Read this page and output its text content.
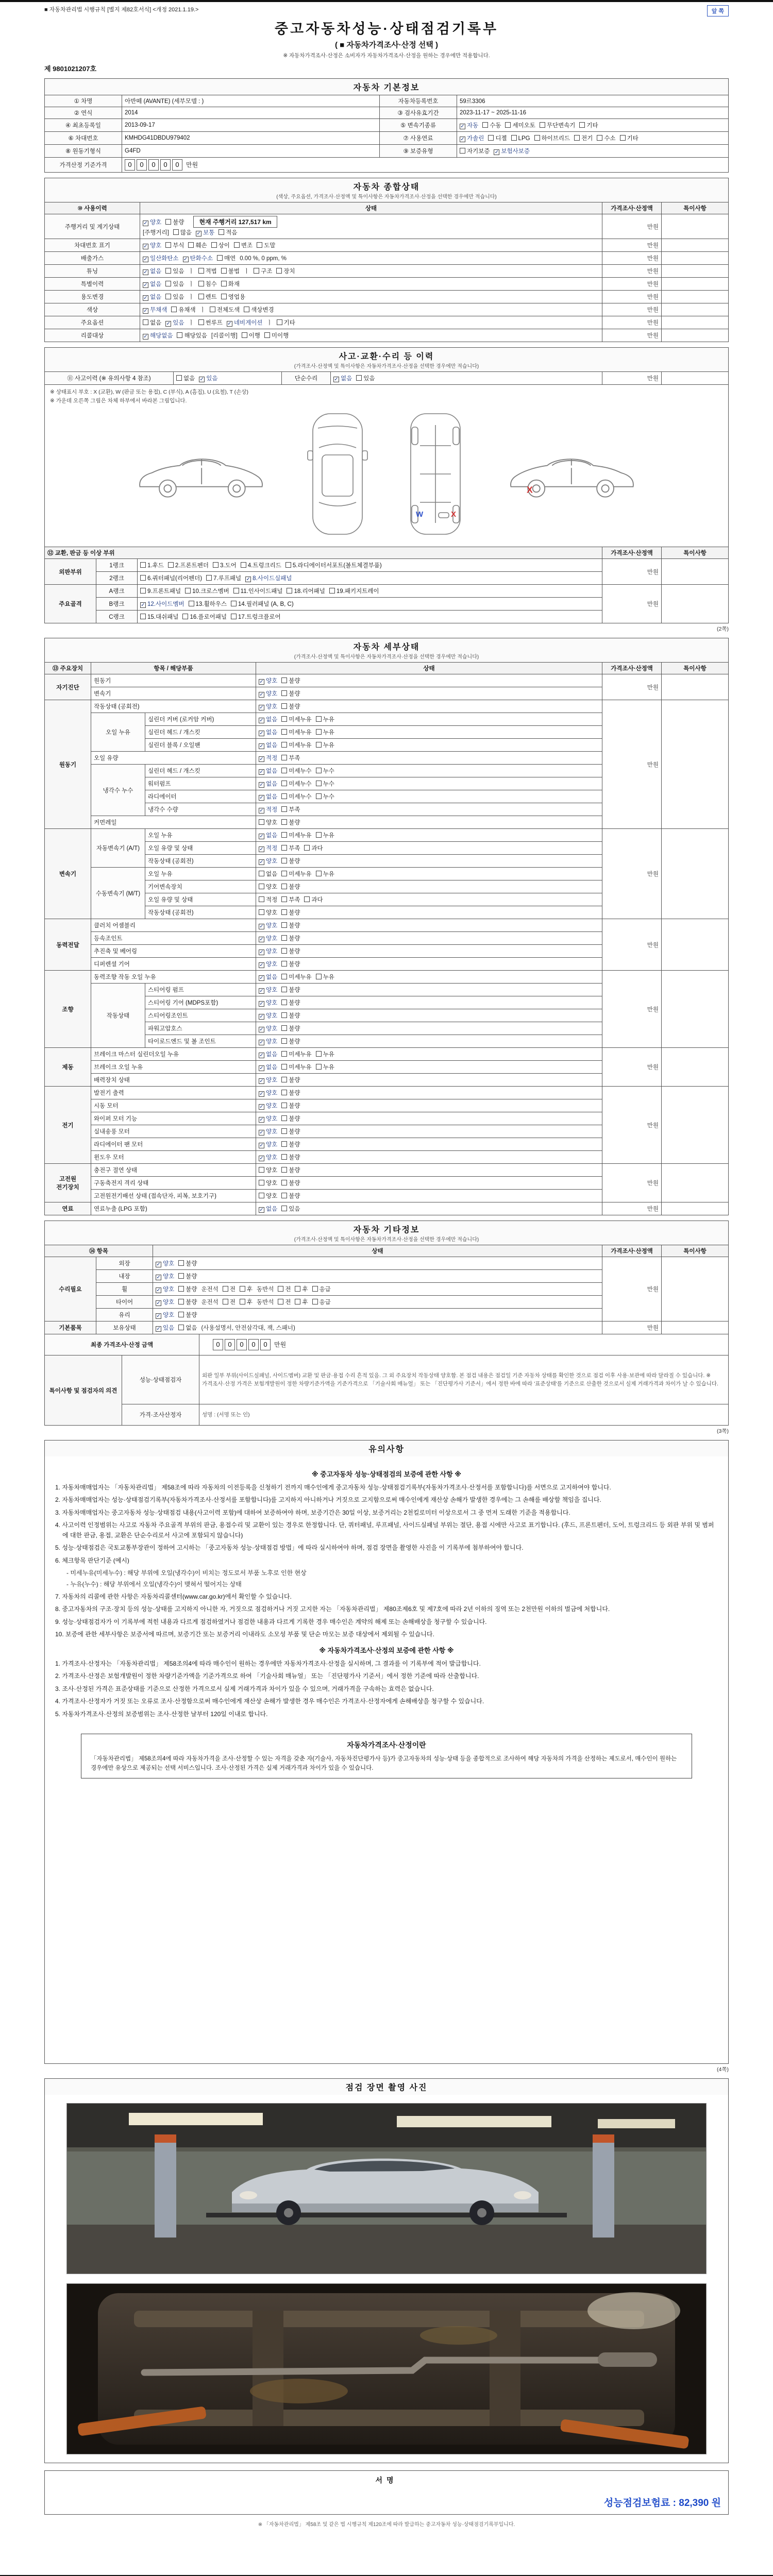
■ 자동차관리법 시행규칙 [별지 제82호서식] <개정 2021.1.19.>	앞 쪽
중고자동차성능·상태점검기록부
( ■ 자동차가격조사·산정 선택 )
※ 자동차가격조사·산정은 소비자가 자동차가격조사·산정을 원하는 경우에만 적용합니다.
제 9801021207호
자동차 기본정보
① 차명	아반떼 (AVANTE) (세부모델 : )	자동차등록번호	59르3306
② 연식	2014	③ 검사유효기간	2023-11-17 ~ 2025-11-16
④ 최초등록일	2013-09-17	⑤ 변속기종류	✓ 자동 수동 세미오토 무단변속기 기타
⑥ 차대번호	KMHDG41DBDU979402	⑦ 사용연료	✓ 가솔린 디젤 LPG 하이브리드 전기 수소 기타
⑧ 원동기형식	G4FD	⑨ 보증유형	자기보증 ✓ 보험사보증
가격산정 기준가격	0 0 0 0 0 만원		
자동차 종합상태
(색상, 주요옵션, 가격조사·산정액 및 특이사항은 자동차가격조사·산정을 선택한 경우에만 적습니다)
⑩ 사용이력	상태	가격조사·산정액	특이사항
주행거리 및 계기상태	✓ 양호 불량 현재 주행거리 127,517 km
[주행거리] 많음 ✓ 보통 적음	만원	
차대번호 표기	✓ 양호 부식 훼손 상이 변조 도말	만원	
배출가스	✓ 일산화탄소 ✓ 탄화수소 매연 0.00 %, 0 ppm, %	만원	
튜닝	✓ 없음 있음 ㅣ 적법 불법 ㅣ 구조 장치	만원	
특별이력	✓ 없음 있음 ㅣ 침수 화재	만원	
용도변경	✓ 없음 있음 ㅣ 렌트 영업용	만원	
색상	✓ 무채색 유채색 ㅣ 전체도색 색상변경	만원	
주요옵션	없음 ✓ 있음 ㅣ 썬루프 ✓ 네비게이션 ㅣ 기타	만원	
리콜대상	✓ 해당없음 해당있음 [리콜이행] 이행 미이행	만원	
사고·교환·수리 등 이력
(가격조사·산정액 및 특이사항은 자동차가격조사·산정을 선택한 경우에만 적습니다)
⑪ 사고이력 (※ 유의사항 4 참조)	없음 ✓ 있음	단순수리	✓ 없음 있음	만원	
※ 상태표시 부호 : X (교환), W (판금 또는 용접), C (부식), A (흠집), U (요철), T (손상)
※ 가운데 오른쪽 그림은 차체 하부에서 바라본 그림입니다.
X
W
X
⑫ 교환, 판금 등 이상 부위			가격조사·산정액	특이사항
외판부위	1랭크	1.후드 2.프론트펜더 3.도어 4.트렁크리드 5.라디에이터서포트(볼트체결부품)	만원	
	2랭크	6.쿼터패널(리어펜더) 7.루프패널 ✓ 8.사이드실패널		
주요골격	A랭크	9.프론트패널 10.크로스멤버 11.인사이드패널 18.리어패널 19.패키지트레이	만원	
	B랭크	✓ 12.사이드멤버 13.휠하우스 14.필러패널 (A, B, C)		
	C랭크	15.대쉬패널 16.플로어패널 17.트렁크플로어		
(2쪽)
자동차 세부상태
(가격조사·산정액 및 특이사항은 자동차가격조사·산정을 선택한 경우에만 적습니다)
⑬ 주요장치	항목 / 해당부품		상태	가격조사·산정액	특이사항
자기진단	원동기		✓ 양호 불량	만원	
	변속기		✓ 양호 불량		
원동기	작동상태 (공회전)		✓ 양호 불량	만원	
	오일 누유	실린더 커버 (로커암 커버)	✓ 없음 미세누유 누유		
		실린더 헤드 / 개스킷	✓ 없음 미세누유 누유		
		실린더 블록 / 오일팬	✓ 없음 미세누유 누유		
	오일 유량		✓ 적정 부족		
	냉각수 누수	실린더 헤드 / 개스킷	✓ 없음 미세누수 누수		
		워터펌프	✓ 없음 미세누수 누수		
		라디에이터	✓ 없음 미세누수 누수		
		냉각수 수량	✓ 적정 부족		
	커먼레일		양호 불량		
변속기	자동변속기 (A/T)	오일 누유	✓ 없음 미세누유 누유	만원	
		오일 유량 및 상태	✓ 적정 부족 과다		
		작동상태 (공회전)	✓ 양호 불량		
	수동변속기 (M/T)	오일 누유	없음 미세누유 누유		
		기어변속장치	양호 불량		
		오일 유량 및 상태	적정 부족 과다		
		작동상태 (공회전)	양호 불량		
동력전달	클러치 어셈블리		✓ 양호 불량	만원	
	등속조인트		✓ 양호 불량		
	추진축 및 베어링		✓ 양호 불량		
	디퍼렌셜 기어		✓ 양호 불량		
조향	동력조향 작동 오일 누유		✓ 없음 미세누유 누유	만원	
	작동상태	스티어링 펌프	✓ 양호 불량		
		스티어링 기어 (MDPS포함)	✓ 양호 불량		
		스티어링조인트	✓ 양호 불량		
		파워고압호스	✓ 양호 불량		
		타이로드엔드 및 볼 조인트	✓ 양호 불량		
제동	브레이크 마스터 실린더오일 누유		✓ 없음 미세누유 누유	만원	
	브레이크 오일 누유		✓ 없음 미세누유 누유		
	배력장치 상태		✓ 양호 불량		
전기	발전기 출력		✓ 양호 불량	만원	
	시동 모터		✓ 양호 불량		
	와이퍼 모터 기능		✓ 양호 불량		
	실내송풍 모터		✓ 양호 불량		
	라디에이터 팬 모터		✓ 양호 불량		
	윈도우 모터		✓ 양호 불량		
고전원 전기장치	충전구 절연 상태		양호 불량	만원	
	구동축전지 격리 상태		양호 불량		
	고전원전기배선 상태 (접속단자, 피복, 보호기구)		양호 불량		
연료	연료누출 (LPG 포함)		✓ 없음 있음	만원	
자동차 기타정보
(가격조사·산정액 및 특이사항은 자동차가격조사·산정을 선택한 경우에만 적습니다)
⑭ 항목		상태	가격조사·산정액	특이사항
수리필요	외장	✓ 양호 불량	만원	
	내장	✓ 양호 불량		
	휠	✓ 양호 불량 운전석 전 후 동반석 전 후 응급		
	타이어	✓ 양호 불량 운전석 전 후 동반석 전 후 응급		
	유리	✓ 양호 불량		
기본품목	보유상태	✓ 있음 없음 (사용설명서, 안전삼각대, 잭, 스패너)	만원	
최종 가격조사·산정 금액	0 0 0 0 0 만원
특이사항 및 점검자의 의견	성능·상태점검자	외판 일부 부위(사이드실패널, 사이드멤버) 교환 및 판금·용접 수리 흔적 있음. 그 외 주요장치 작동상태 양호함. 본 점검 내용은 점검일 기준 자동차 상태를 확인한 것으로 점검 이후 사용·보관에 따라 달라질 수 있습니다. ※ 가격조사·산정 가격은 보험개발원이 정한 차량기준가액을 기준가격으로 「기술사회 매뉴얼」 또는 「진단평가사 기준서」에서 정한 바에 따라 '표준상태'를 기준으로 산출한 것으로서 실제 거래가격과 차이가 날 수 있습니다.
	가격·조사산정자	성명 : (서명 또는 인)
(3쪽)
유의사항
※ 중고자동차 성능·상태점검의 보증에 관한 사항 ※
1. 자동차매매업자는 「자동차관리법」 제58조에 따라 자동차의 이전등록을 신청하기 전까지 매수인에게 중고자동차 성능·상태점검기록부(자동차가격조사·산정서를 포함합니다)를 서면으로 고지하여야 합니다.
2. 자동차매매업자는 성능·상태점검기록부(자동차가격조사·산정서를 포함합니다)를 고지하지 아니하거나 거짓으로 고지함으로써 매수인에게 재산상 손해가 발생한 경우에는 그 손해를 배상할 책임을 집니다.
3. 자동차매매업자는 중고자동차 성능·상태점검 내용(사고이력 포함)에 대하여 보증하여야 하며, 보증기간은 30일 이상, 보증거리는 2천킬로미터 이상으로서 그 중 먼저 도래한 기준을 적용합니다.
4. 사고이력 인정범위는 사고로 자동차 주요골격 부위의 판금, 용접수리 및 교환이 있는 경우로 한정합니다. 단, 쿼터패널, 루프패널, 사이드실패널 부위는 절단, 용접 시에만 사고로 표기합니다. (후드, 프론트펜더, 도어, 트렁크리드 등 외판 부위 및 범퍼에 대한 판금, 용접, 교환은 단순수리로서 사고에 포함되지 않습니다)
5. 성능·상태점검은 국토교통부장관이 정하여 고시하는 「중고자동차 성능·상태점검 방법」에 따라 실시하여야 하며, 점검 장면을 촬영한 사진을 이 기록부에 첨부하여야 합니다.
6. 체크항목 판단기준 (예시)
- 미세누유(미세누수) : 해당 부위에 오일(냉각수)이 비치는 정도로서 부품 노후로 인한 현상
- 누유(누수) : 해당 부위에서 오일(냉각수)이 맺혀서 떨어지는 상태
7. 자동차의 리콜에 관한 사항은 자동차리콜센터(www.car.go.kr)에서 확인할 수 있습니다.
8. 중고자동차의 구조·장치 등의 성능·상태를 고지하지 아니한 자, 거짓으로 점검하거나 거짓 고지한 자는 「자동차관리법」 제80조제6호 및 제7호에 따라 2년 이하의 징역 또는 2천만원 이하의 벌금에 처합니다.
9. 성능·상태점검자가 이 기록부에 적힌 내용과 다르게 점검하였거나 점검한 내용과 다르게 기록한 경우 매수인은 계약의 해제 또는 손해배상을 청구할 수 있습니다.
10. 보증에 관한 세부사항은 보증서에 따르며, 보증기간 또는 보증거리 이내라도 소모성 부품 및 단순 마모는 보증 대상에서 제외될 수 있습니다.
※ 자동차가격조사·산정의 보증에 관한 사항 ※
1. 가격조사·산정자는 「자동차관리법」 제58조의4에 따라 매수인이 원하는 경우에만 자동차가격조사·산정을 실시하며, 그 결과를 이 기록부에 적어 발급합니다.
2. 가격조사·산정은 보험개발원이 정한 차량기준가액을 기준가격으로 하여 「기술사회 매뉴얼」 또는 「진단평가사 기준서」에서 정한 기준에 따라 산출합니다.
3. 조사·산정된 가격은 표준상태를 기준으로 산정한 가격으로서 실제 거래가격과 차이가 있을 수 있으며, 거래가격을 구속하는 효력은 없습니다.
4. 가격조사·산정자가 거짓 또는 오류로 조사·산정함으로써 매수인에게 재산상 손해가 발생한 경우 매수인은 가격조사·산정자에게 손해배상을 청구할 수 있습니다.
5. 자동차가격조사·산정의 보증범위는 조사·산정한 날부터 120일 이내로 합니다.
자동차가격조사·산정이란
「자동차관리법」 제58조의4에 따라 자동차가격을 조사·산정할 수 있는 자격을 갖춘 자(기술사, 자동차진단평가사 등)가 중고자동차의 성능·상태 등을 종합적으로 조사하여 해당 자동차의 가격을 산정하는 제도로서, 매수인이 원하는 경우에만 유상으로 제공되는 선택 서비스입니다. 조사·산정된 가격은 실제 거래가격과 차이가 있을 수 있습니다.
(4쪽)
점검 장면 촬영 사진
서명
성능점검보험료 : 82,390 원
※ 「자동차관리법」 제58조 및 같은 법 시행규칙 제120조에 따라 발급하는 중고자동차 성능·상태점검기록부입니다.
